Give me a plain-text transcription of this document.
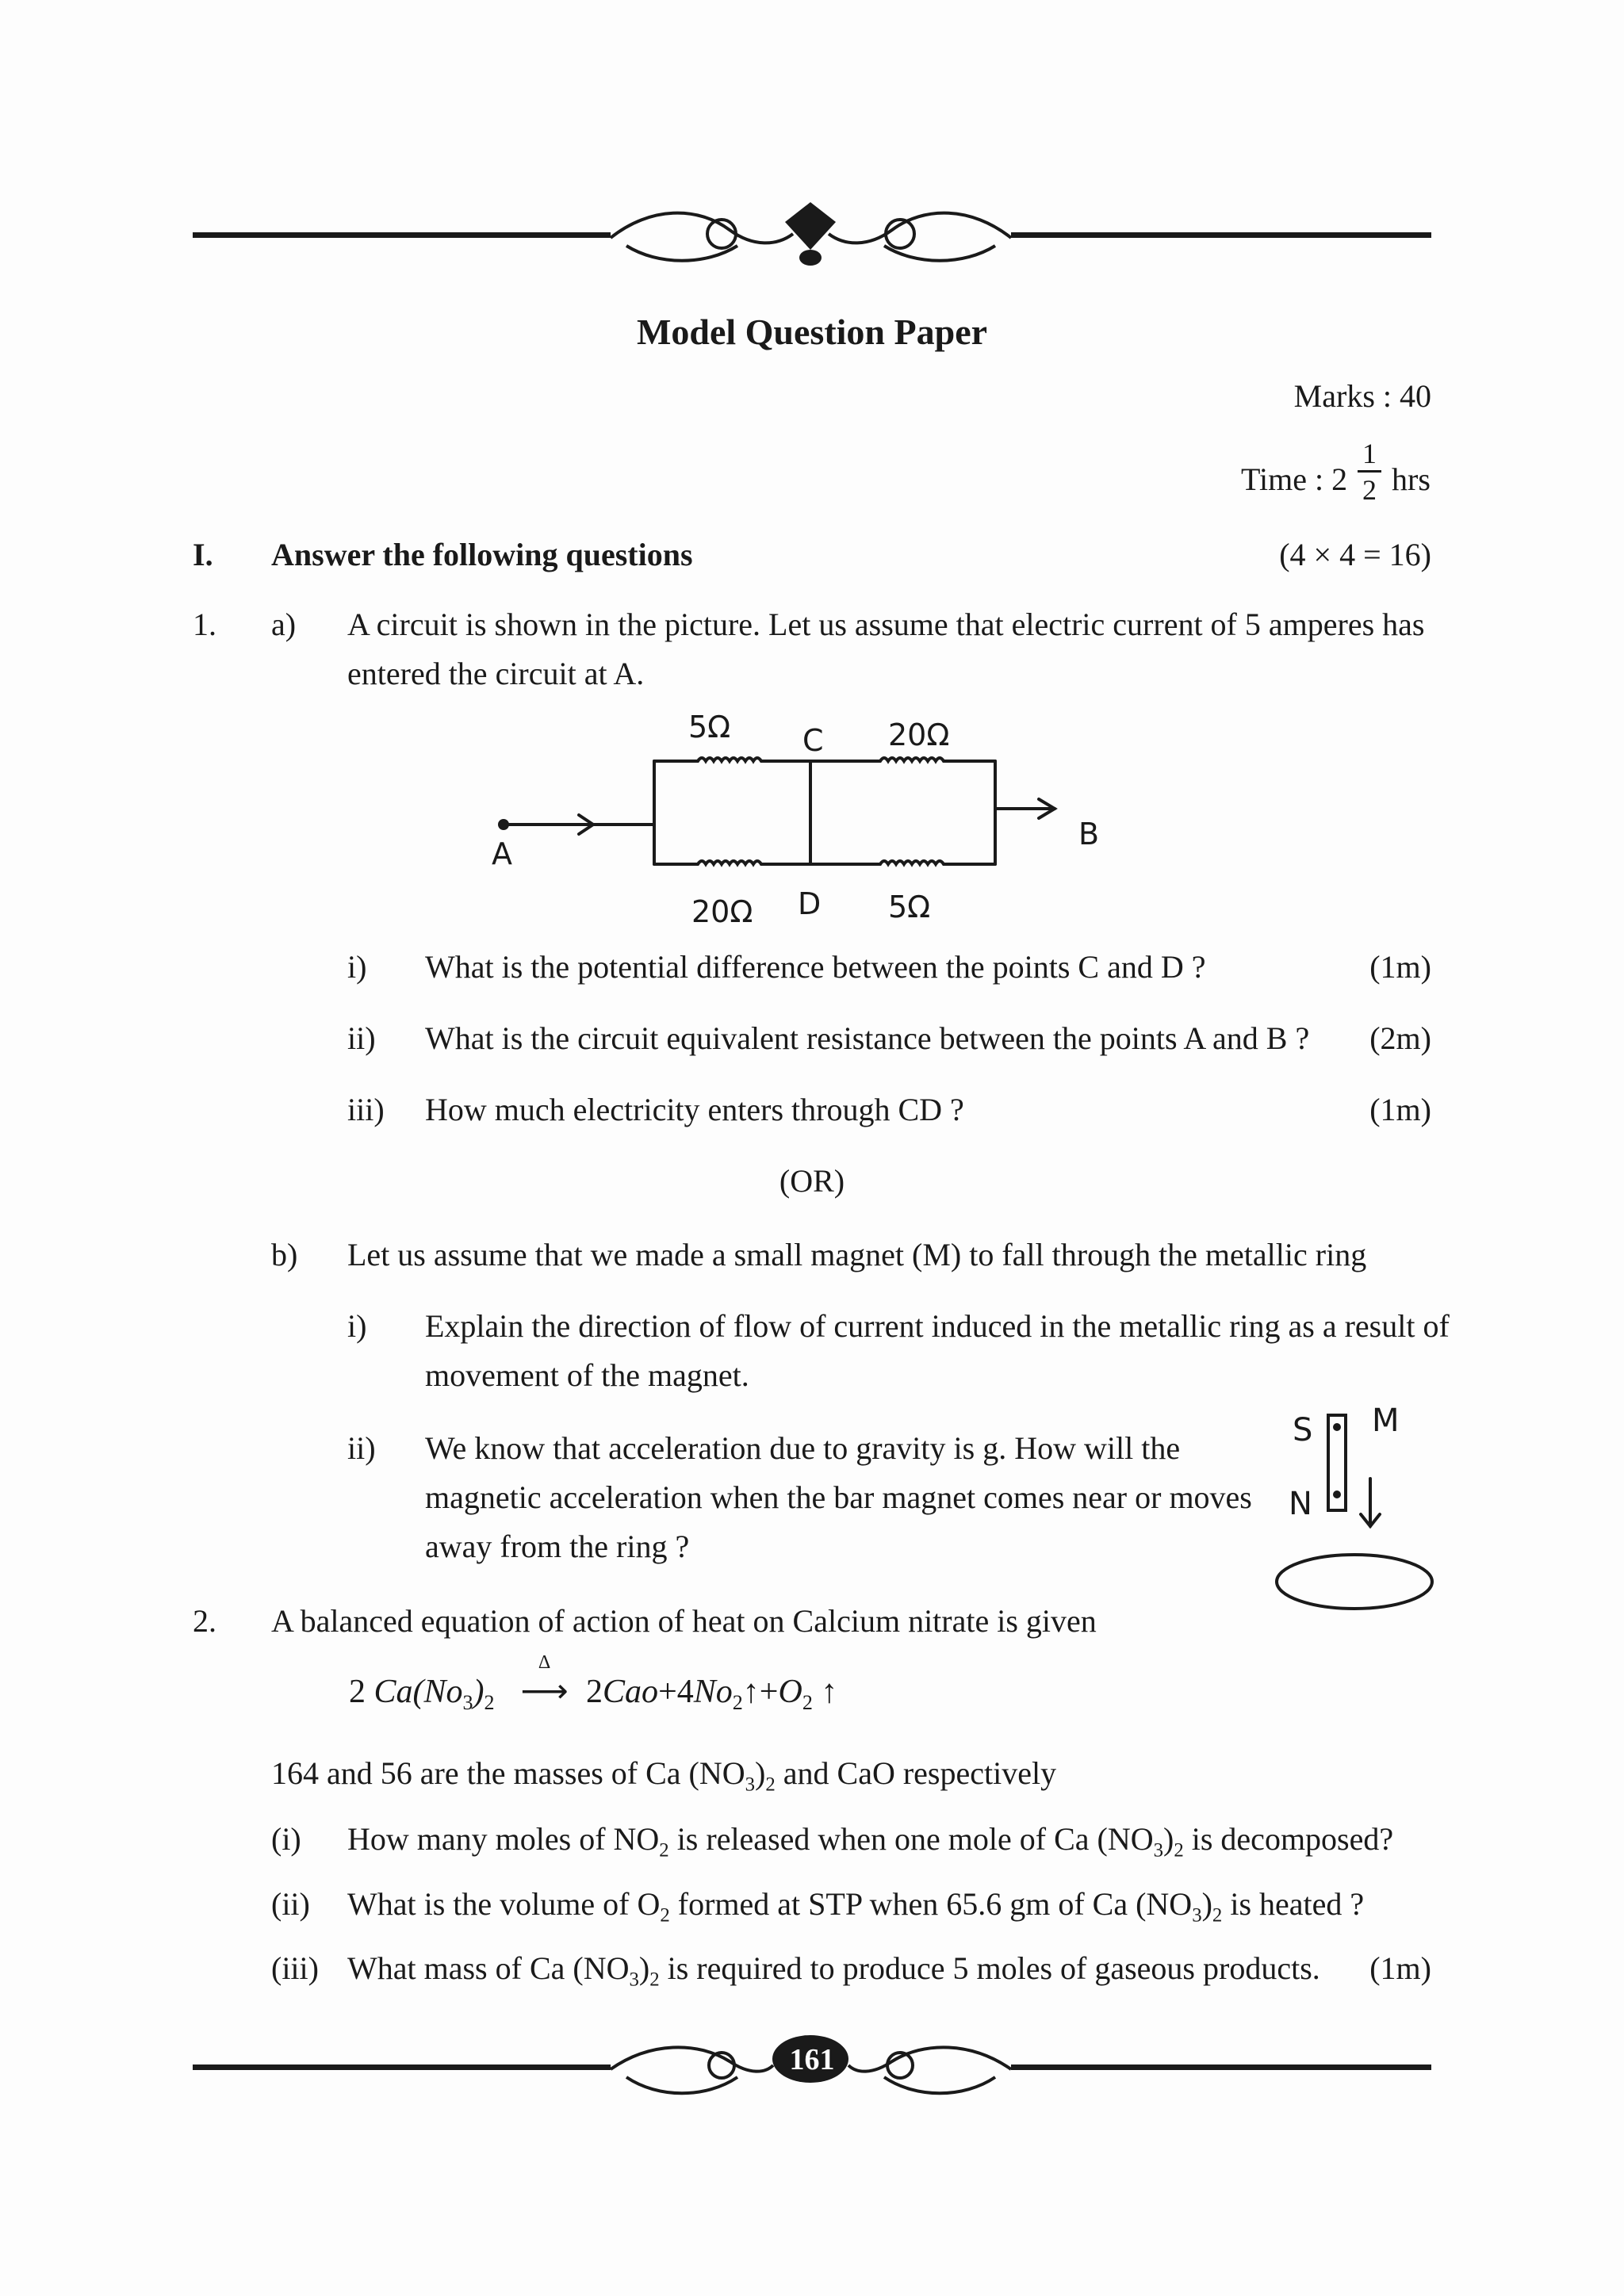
Model Question Paper
Marks : 40
Time : 2
1
2 hrs
I. Answer the following questions	(4 × 4 = 16)
1. a) A circuit is shown in the picture. Let us assume that electric current of 5 amperes has
entered the circuit at A.
5Ω C 20Ω
A
B
20Ω D 5Ω
i) What is the potential difference between the points C and D ?	(1m)
ii) What is the circuit equivalent resistance between the points A and B ? (2m)
iii) How much electricity enters through CD ?	(1m)
(OR)
b) Let us assume that we made a small magnet (M) to fall through the metallic ring
i) Explain the direction of flow of current induced in the metallic ring as a result of
movement of the magnet.
ii) We know that acceleration due to gravity is g. How will the
magnetic acceleration when the bar magnet comes near or moves
away from the ring ?
S
N
M
2. A balanced equation of action of heat on Calcium nitrate is given
2 $Ca(No_3)_2$
Δ
⟶ $2Cao+4No_2↑+O_2$ ↑
164 and 56 are the masses of Ca $(NO_3)_2$ and CaO respectively
(i) How many moles of $NO_2$ is released when one mole of Ca $(NO_3)_2$ is decomposed?
(ii) What is the volume of $O_2$ formed at STP when 65.6 gm of Ca $(NO_3)_2$ is heated ?
(iii) What mass of Ca $(NO_3)_2$ is required to produce 5 moles of gaseous products. (1m)
161
